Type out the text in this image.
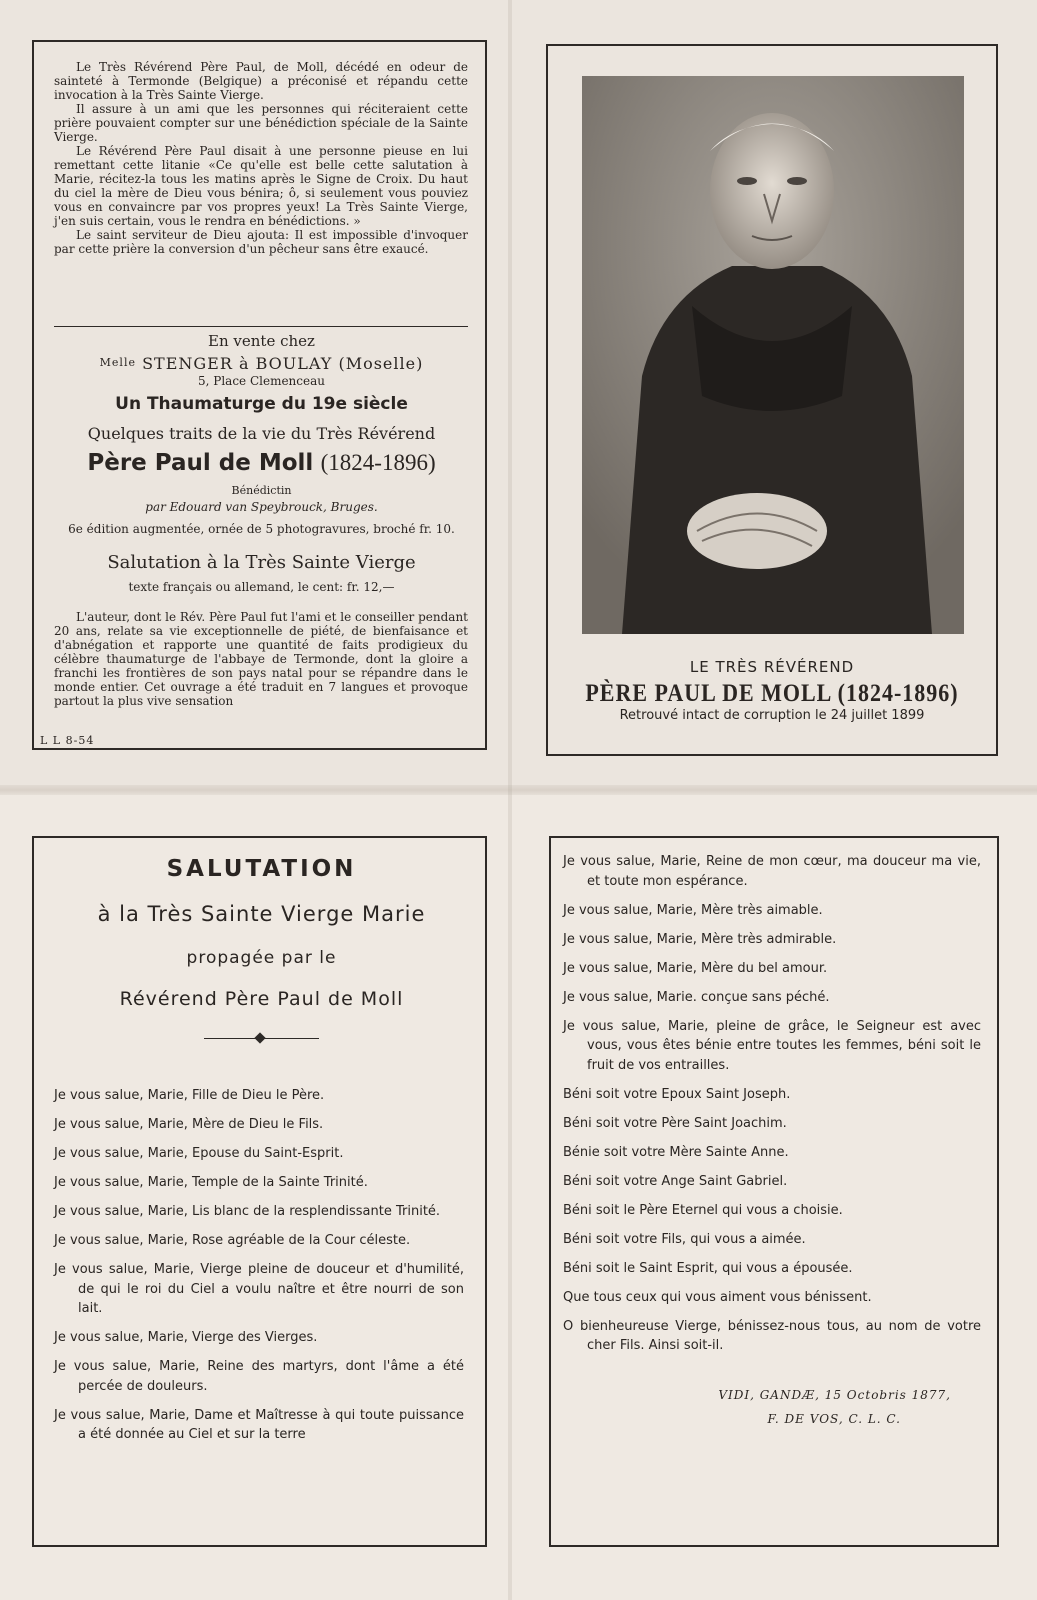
Le Très Révérend Père Paul, de Moll, décédé en odeur de sainteté à Termonde (Belgique) a préconisé et répandu cette invocation à la Très Sainte Vierge.

Il assure à un ami que les personnes qui réciteraient cette prière pouvaient compter sur une bénédiction spéciale de la Sainte Vierge.

Le Révérend Père Paul disait à une personne pieuse en lui remettant cette litanie «Ce qu'elle est belle cette salutation à Marie, récitez-la tous les matins après le Signe de Croix. Du haut du ciel la mère de Dieu vous bénira; ô, si seulement vous pouviez vous en convaincre par vos propres yeux! La Très Sainte Vierge, j'en suis certain, vous le rendra en bénédictions. »

Le saint serviteur de Dieu ajouta: Il est impossible d'invoquer par cette prière la conversion d'un pêcheur sans être exaucé.

En vente chez
Melle STENGER à BOULAY (Moselle)
5, Place Clemenceau
Un Thaumaturge du 19e siècle
Quelques traits de la vie du Très Révérend
Père Paul de Moll (1824-1896)
Bénédictin
par Edouard van Speybrouck, Bruges.
6e édition augmentée, ornée de 5 photogravures, broché fr. 10.
Salutation à la Très Sainte Vierge
texte français ou allemand, le cent: fr. 12,—
L'auteur, dont le Rév. Père Paul fut l'ami et le conseiller pendant 20 ans, relate sa vie exceptionnelle de piété, de bienfaisance et d'abnégation et rapporte une quantité de faits prodigieux du célèbre thaumaturge de l'abbaye de Termonde, dont la gloire a franchi les frontières de son pays natal pour se répandre dans le monde entier. Cet ouvrage a été traduit en 7 langues et provoque partout la plus vive sensation
L L 8-54
LE TRÈS RÉVÉREND
PÈRE PAUL DE MOLL (1824-1896)
Retrouvé intact de corruption le 24 juillet 1899
SALUTATION
à la Très Sainte Vierge Marie
propagée par le
Révérend Père Paul de Moll

Je vous salue, Marie, Fille de Dieu le Père.

Je vous salue, Marie, Mère de Dieu le Fils.

Je vous salue, Marie, Epouse du Saint-Esprit.

Je vous salue, Marie, Temple de la Sainte Trinité.

Je vous salue, Marie, Lis blanc de la resplendissante Trinité.

Je vous salue, Marie, Rose agréable de la Cour céleste.

Je vous salue, Marie, Vierge pleine de douceur et d'humilité, de qui le roi du Ciel a voulu naître et être nourri de son lait.

Je vous salue, Marie, Vierge des Vierges.

Je vous salue, Marie, Reine des martyrs, dont l'âme a été percée de douleurs.

Je vous salue, Marie, Dame et Maîtresse à qui toute puissance a été donnée au Ciel et sur la terre

Je vous salue, Marie, Reine de mon cœur, ma douceur ma vie, et toute mon espérance.

Je vous salue, Marie, Mère très aimable.

Je vous salue, Marie, Mère très admirable.

Je vous salue, Marie, Mère du bel amour.

Je vous salue, Marie. conçue sans péché.

Je vous salue, Marie, pleine de grâce, le Seigneur est avec vous, vous êtes bénie entre toutes les femmes, béni soit le fruit de vos entrailles.

Béni soit votre Epoux Saint Joseph.

Béni soit votre Père Saint Joachim.

Bénie soit votre Mère Sainte Anne.

Béni soit votre Ange Saint Gabriel.

Béni soit le Père Eternel qui vous a choisie.

Béni soit votre Fils, qui vous a aimée.

Béni soit le Saint Esprit, qui vous a épousée.

Que tous ceux qui vous aiment vous bénissent.

O bienheureuse Vierge, bénissez-nous tous, au nom de votre cher Fils. Ainsi soit-il.

VIDI, GANDÆ, 15 Octobris 1877,
F. DE VOS, C. L. C.
